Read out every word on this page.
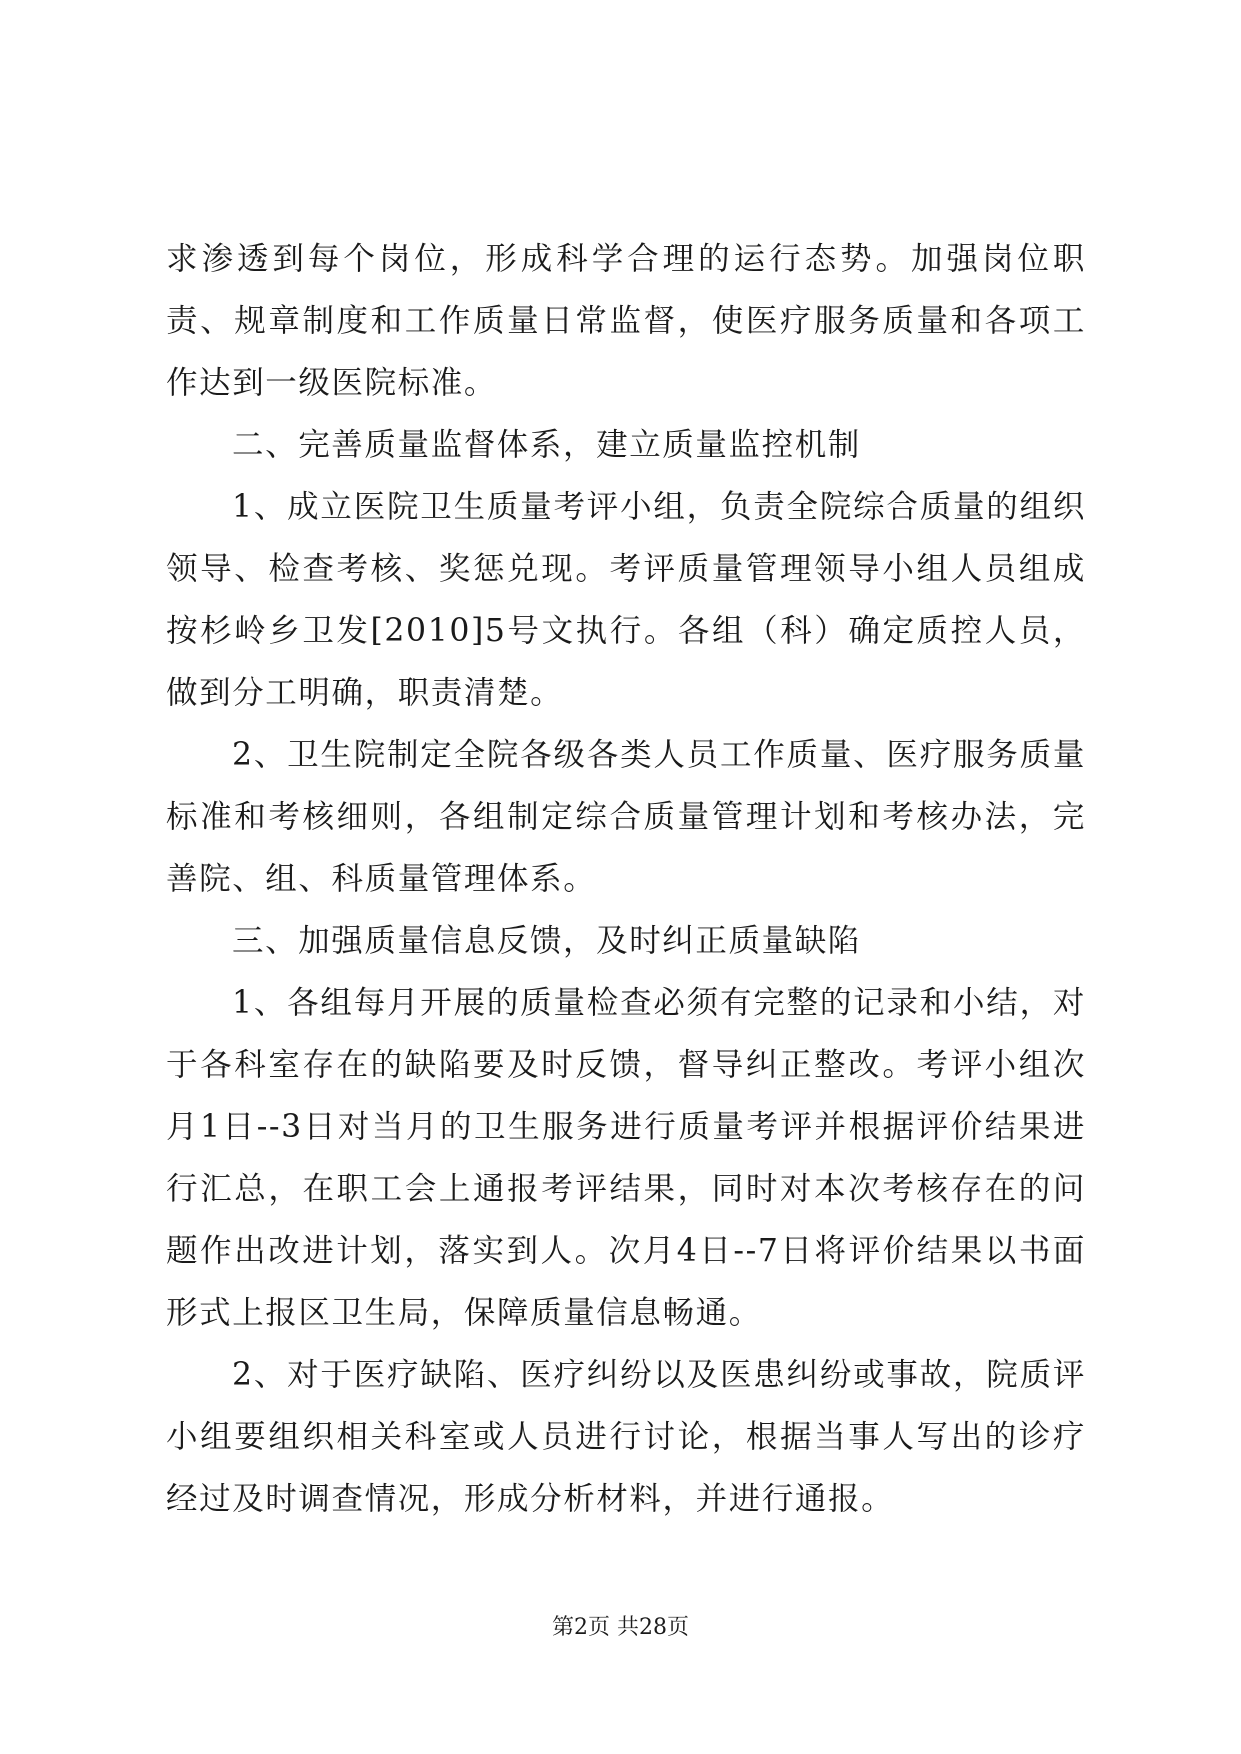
求渗透到每个岗位，形成科学合理的运行态势。加强岗位职责、规章制度和工作质量日常监督，使医疗服务质量和各项工作达到一级医院标准。

二、完善质量监督体系，建立质量监控机制

1、成立医院卫生质量考评小组，负责全院综合质量的组织领导、检查考核、奖惩兑现。考评质量管理领导小组人员组成按杉岭乡卫发[2010]5号文执行。各组（科）确定质控人员，做到分工明确，职责清楚。

2、卫生院制定全院各级各类人员工作质量、医疗服务质量标准和考核细则，各组制定综合质量管理计划和考核办法，完善院、组、科质量管理体系。

三、加强质量信息反馈，及时纠正质量缺陷

1、各组每月开展的质量检查必须有完整的记录和小结，对于各科室存在的缺陷要及时反馈，督导纠正整改。考评小组次月1日--3日对当月的卫生服务进行质量考评并根据评价结果进行汇总，在职工会上通报考评结果，同时对本次考核存在的问题作出改进计划，落实到人。次月4日--7日将评价结果以书面形式上报区卫生局，保障质量信息畅通。

2、对于医疗缺陷、医疗纠纷以及医患纠纷或事故，院质评小组要组织相关科室或人员进行讨论，根据当事人写出的诊疗经过及时调查情况，形成分析材料，并进行通报。

第2页 共28页
